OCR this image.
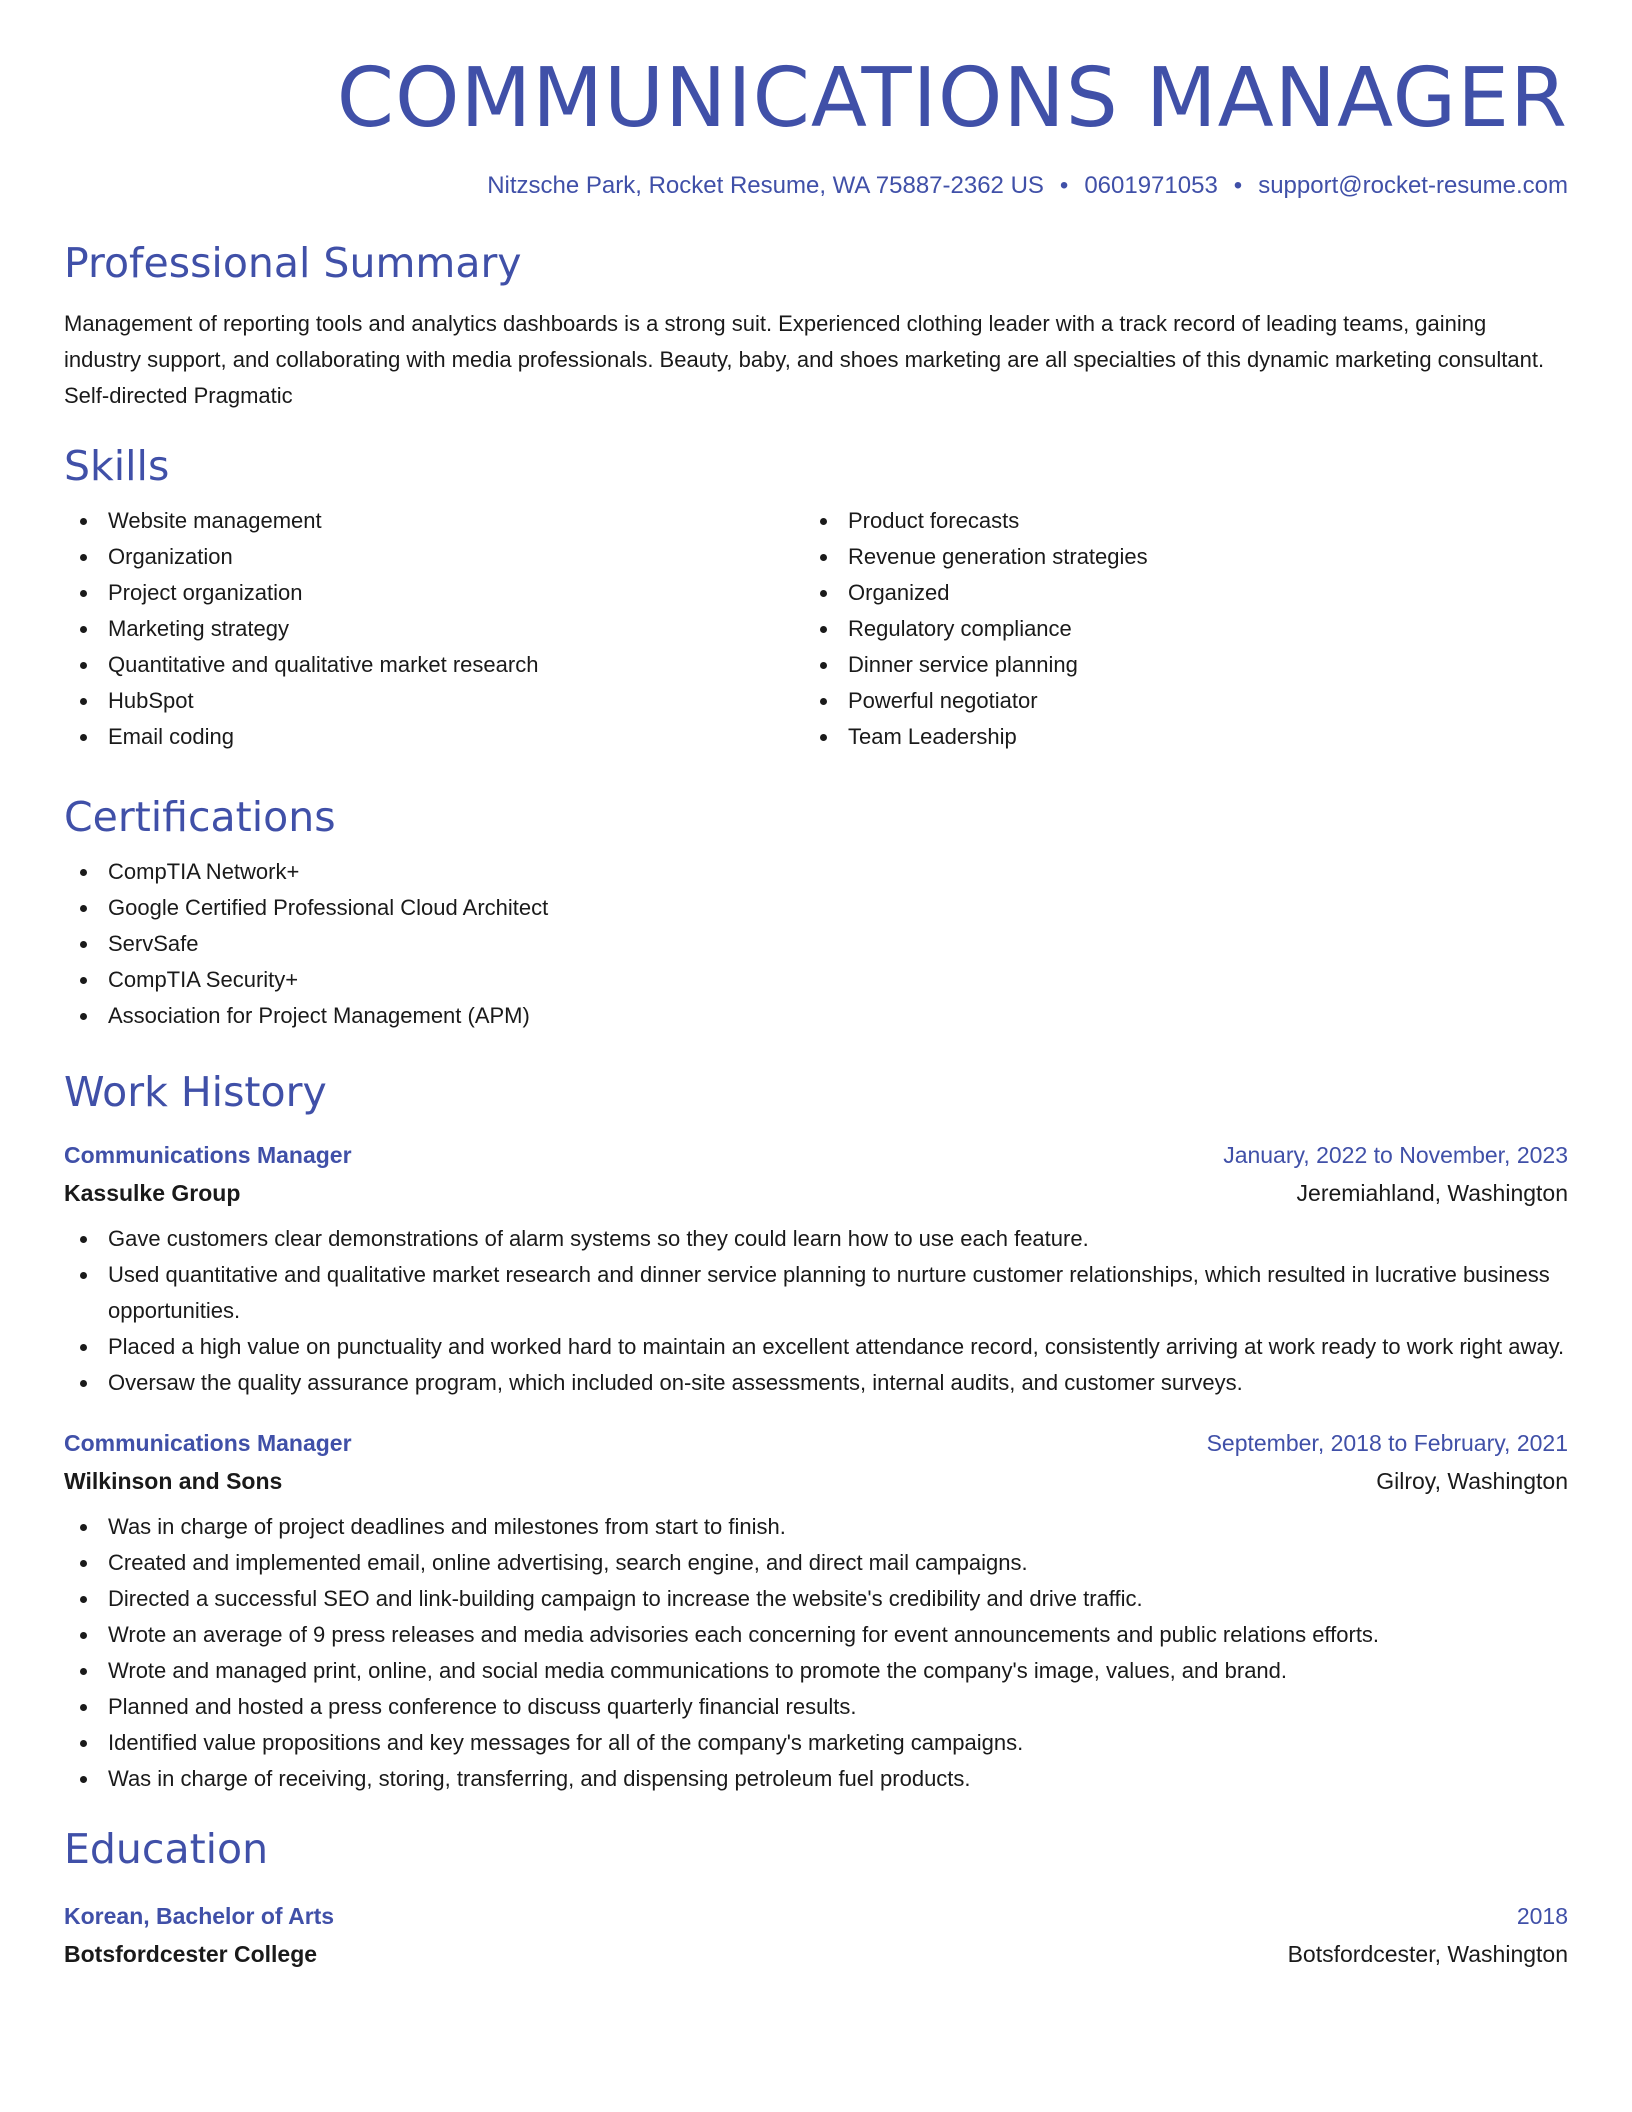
COMMUNICATIONS MANAGER
Nitzsche Park, Rocket Resume, WA 75887-2362 US • 0601971053 • support@rocket-resume.com
Professional Summary

Management of reporting tools and analytics dashboards is a strong suit. Experienced clothing leader with a track record of leading teams, gaining industry support, and collaborating with media professionals. Beauty, baby, and shoes marketing are all specialties of this dynamic marketing consultant. Self-directed Pragmatic

Skills
Website management
Organization
Project organization
Marketing strategy
Quantitative and qualitative market research
HubSpot
Email coding
Product forecasts
Revenue generation strategies
Organized
Regulatory compliance
Dinner service planning
Powerful negotiator
Team Leadership
Certifications
CompTIA Network+
Google Certified Professional Cloud Architect
ServSafe
CompTIA Security+
Association for Project Management (APM)
Work History
Communications Manager	January, 2022 to November, 2023
Kassulke Group	Jeremiahland, Washington
Gave customers clear demonstrations of alarm systems so they could learn how to use each feature.
Used quantitative and qualitative market research and dinner service planning to nurture customer relationships, which resulted in lucrative business opportunities.
Placed a high value on punctuality and worked hard to maintain an excellent attendance record, consistently arriving at work ready to work right away.
Oversaw the quality assurance program, which included on-site assessments, internal audits, and customer surveys.
Communications Manager	September, 2018 to February, 2021
Wilkinson and Sons	Gilroy, Washington
Was in charge of project deadlines and milestones from start to finish.
Created and implemented email, online advertising, search engine, and direct mail campaigns.
Directed a successful SEO and link-building campaign to increase the website's credibility and drive traffic.
Wrote an average of 9 press releases and media advisories each concerning for event announcements and public relations efforts.
Wrote and managed print, online, and social media communications to promote the company's image, values, and brand.
Planned and hosted a press conference to discuss quarterly financial results.
Identified value propositions and key messages for all of the company's marketing campaigns.
Was in charge of receiving, storing, transferring, and dispensing petroleum fuel products.
Education
Korean, Bachelor of Arts	2018
Botsfordcester College	Botsfordcester, Washington
